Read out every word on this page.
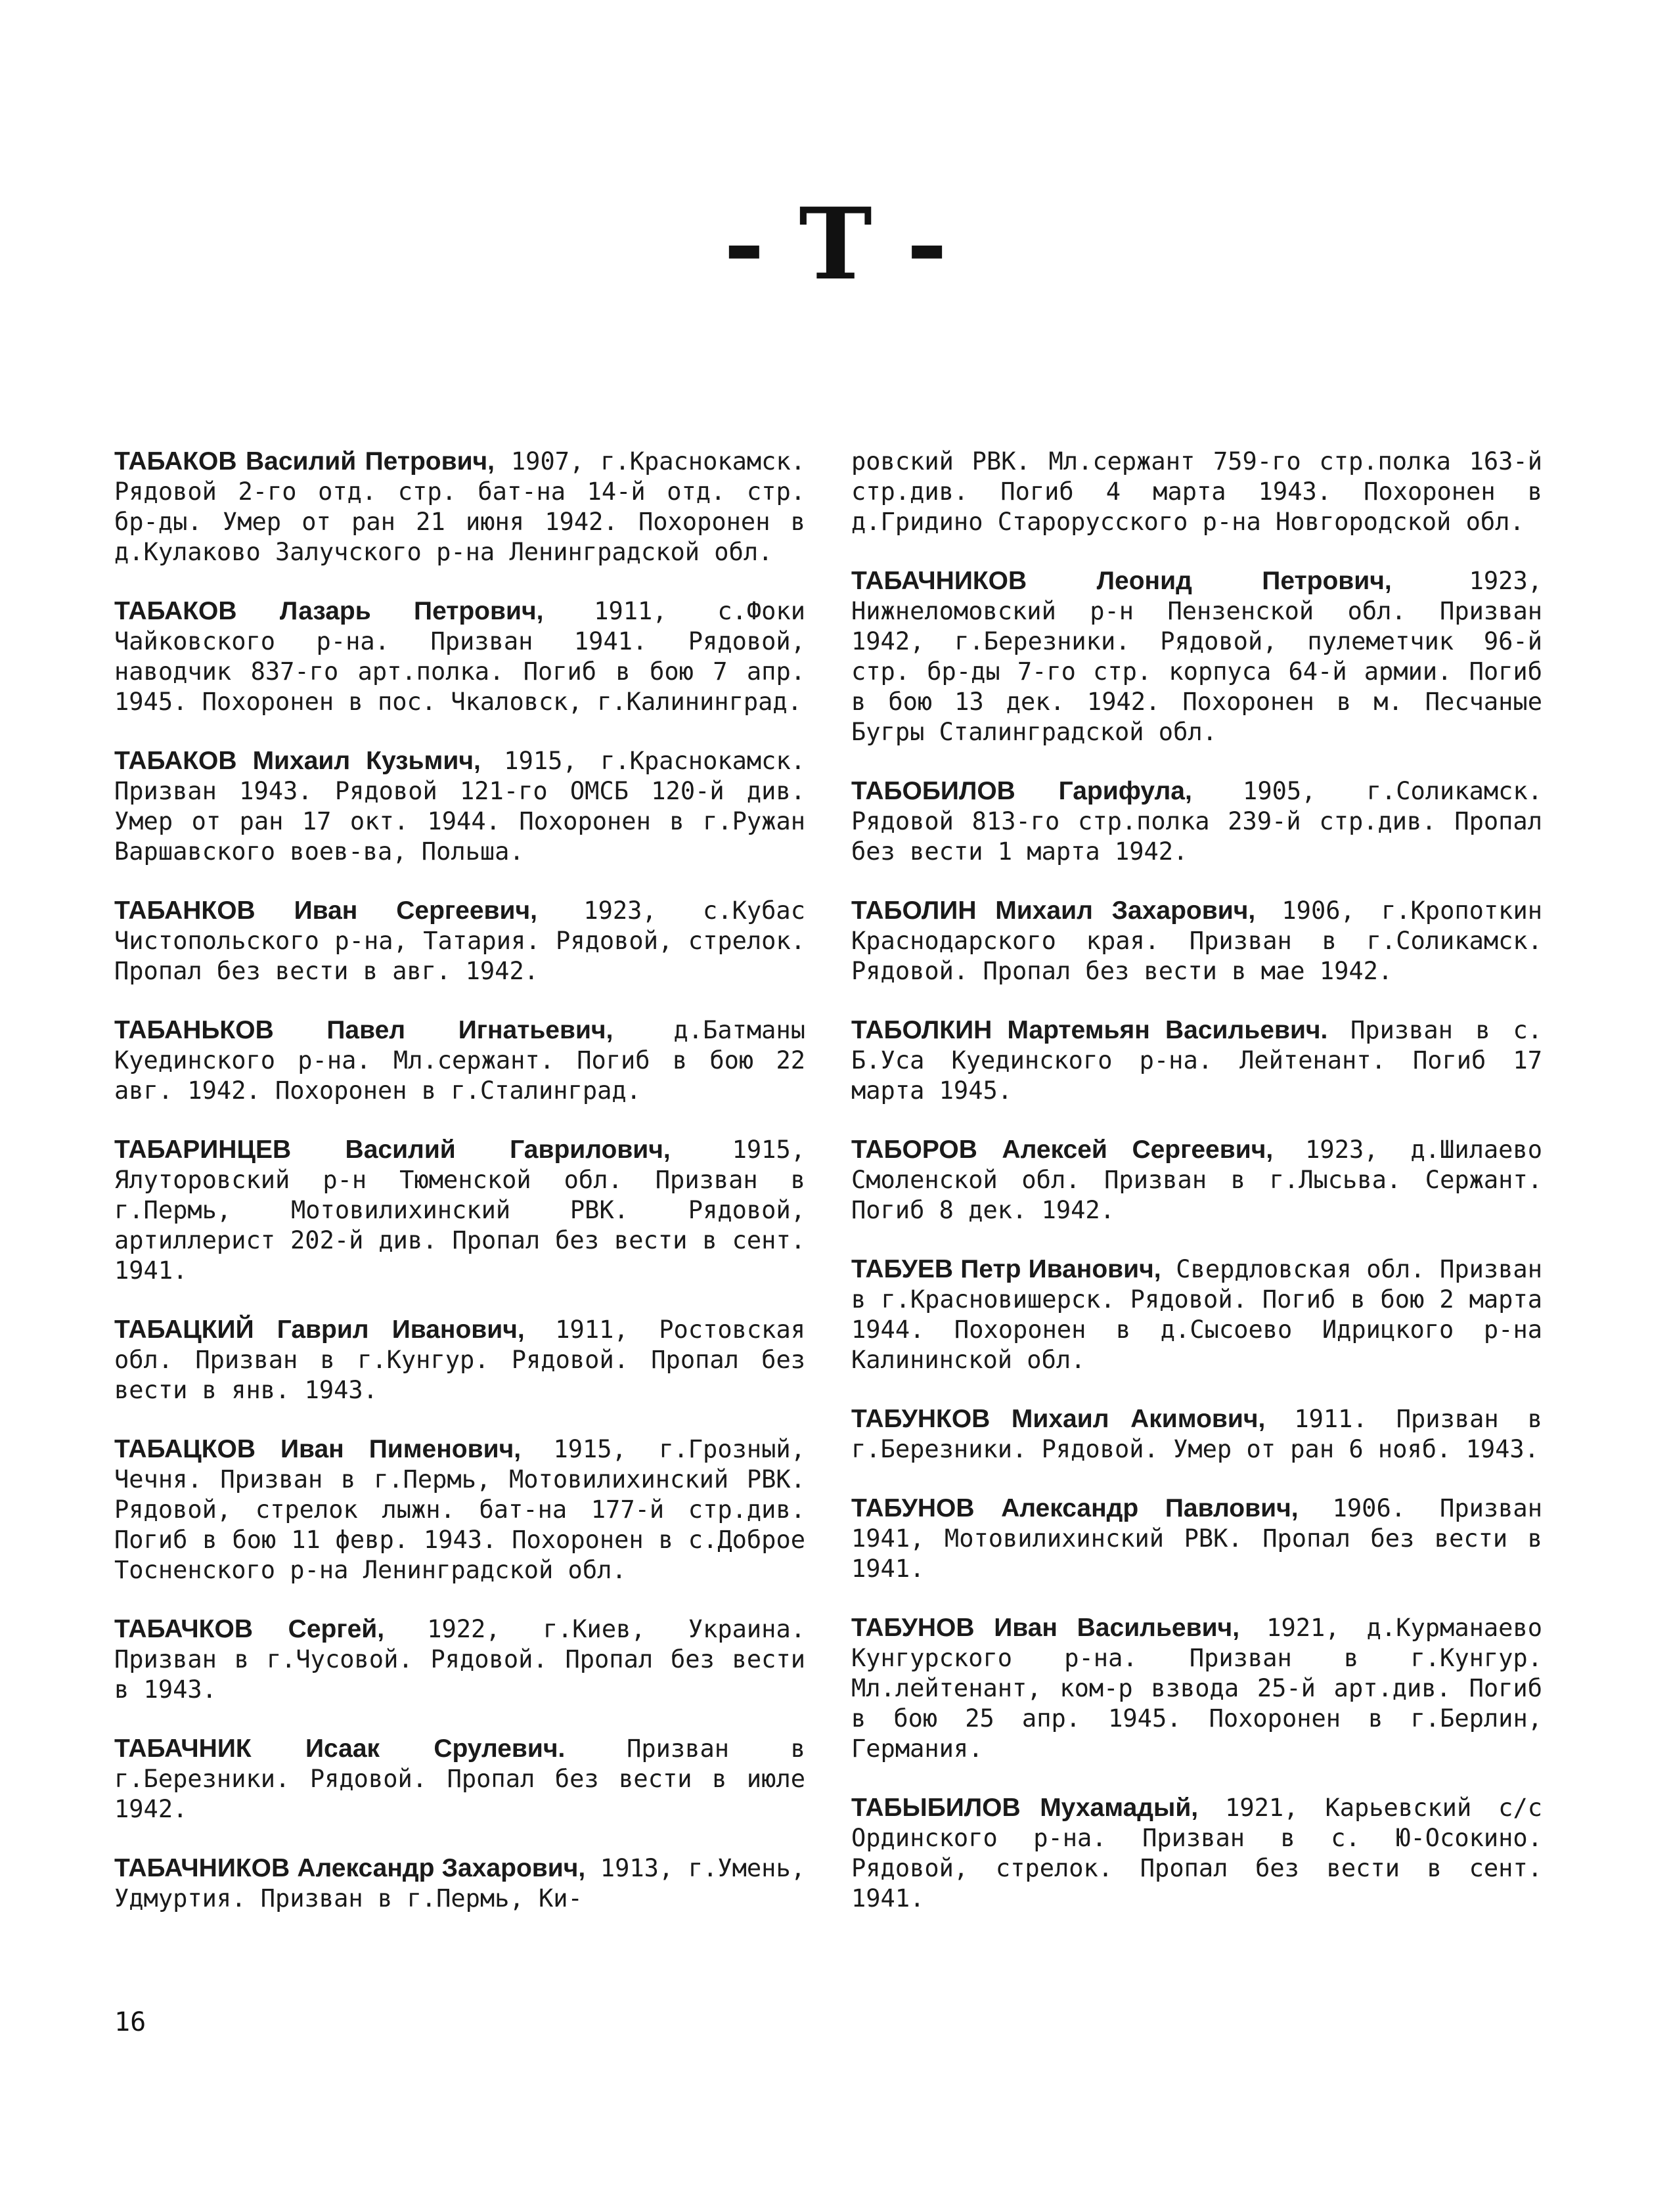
- Т -

ТАБАКОВ Василий Петрович, 1907, г.Краснокамск. Рядовой 2-го отд. стр. бат-на 14-й отд. стр. бр-ды. Умер от ран 21 июня 1942. Похоронен в д.Кулаково Залучского р-на Ленинградской обл.

ТАБАКОВ Лазарь Петрович, 1911, с.Фоки Чайковского р-на. Призван 1941. Рядовой, наводчик 837-го арт.полка. Погиб в бою 7 апр. 1945. Похоронен в пос. Чкаловск, г.Калининград.

ТАБАКОВ Михаил Кузьмич, 1915, г.Краснокамск. Призван 1943. Рядовой 121-го ОМСБ 120-й див. Умер от ран 17 окт. 1944. Похоронен в г.Ружан Варшавского воев-ва, Польша.

ТАБАНКОВ Иван Сергеевич, 1923, с.Кубас Чистопольского р-на, Татария. Рядовой, стрелок. Пропал без вести в авг. 1942.

ТАБАНЬКОВ Павел Игнатьевич, д.Батманы Куединского р-на. Мл.сержант. Погиб в бою 22 авг. 1942. Похоронен в г.Сталинград.

ТАБАРИНЦЕВ Василий Гаврилович, 1915, Ялуторовский р-н Тюменской обл. Призван в г.Пермь, Мотовилихинский РВК. Рядовой, артиллерист 202-й див. Пропал без вести в сент. 1941.

ТАБАЦКИЙ Гаврил Иванович, 1911, Ростовская обл. Призван в г.Кунгур. Рядовой. Пропал без вести в янв. 1943.

ТАБАЦКОВ Иван Пименович, 1915, г.Грозный, Чечня. Призван в г.Пермь, Мотовилихинский РВК. Рядовой, стрелок лыжн. бат-на 177-й стр.див. Погиб в бою 11 февр. 1943. Похоронен в с.Доброе Тосненского р-на Ленинградской обл.

ТАБАЧКОВ Сергей, 1922, г.Киев, Украина. Призван в г.Чусовой. Рядовой. Пропал без вести в 1943.

ТАБАЧНИК Исаак Срулевич. Призван в г.Березники. Рядовой. Пропал без вести в июле 1942.

ТАБАЧНИКОВ Александр Захарович, 1913, г.Умень, Удмуртия. Призван в г.Пермь, Ки-

ровский РВК. Мл.сержант 759-го стр.полка 163-й стр.див. Погиб 4 марта 1943. Похоронен в д.Гридино Старорусского р-на Новгородской обл.

ТАБАЧНИКОВ Леонид Петрович, 1923, Нижнеломовский р-н Пензенской обл. Призван 1942, г.Березники. Рядовой, пулеметчик 96-й стр. бр-ды 7-го стр. корпуса 64-й армии. Погиб в бою 13 дек. 1942. Похоронен в м. Песчаные Бугры Сталинградской обл.

ТАБОБИЛОВ Гарифула, 1905, г.Соликамск. Рядовой 813-го стр.полка 239-й стр.див. Пропал без вести 1 марта 1942.

ТАБОЛИН Михаил Захарович, 1906, г.Кропоткин Краснодарского края. Призван в г.Соликамск. Рядовой. Пропал без вести в мае 1942.

ТАБОЛКИН Мартемьян Васильевич. Призван в с. Б.Уса Куединского р-на. Лейтенант. Погиб 17 марта 1945.

ТАБОРОВ Алексей Сергеевич, 1923, д.Шилаево Смоленской обл. Призван в г.Лысьва. Сержант. Погиб 8 дек. 1942.

ТАБУЕВ Петр Иванович, Свердловская обл. Призван в г.Красновишерск. Рядовой. Погиб в бою 2 марта 1944. Похоронен в д.Сысоево Идрицкого р-на Калининской обл.

ТАБУНКОВ Михаил Акимович, 1911. Призван в г.Березники. Рядовой. Умер от ран 6 нояб. 1943.

ТАБУНОВ Александр Павлович, 1906. Призван 1941, Мотовилихинский РВК. Пропал без вести в 1941.

ТАБУНОВ Иван Васильевич, 1921, д.Курманаево Кунгурского р-на. Призван в г.Кунгур. Мл.лейтенант, ком-р взвода 25-й арт.див. Погиб в бою 25 апр. 1945. Похоронен в г.Берлин, Германия.

ТАБЫБИЛОВ Мухамадый, 1921, Карьевский с/с Ординского р-на. Призван в с. Ю-Осокино. Рядовой, стрелок. Пропал без вести в сент. 1941.

16
